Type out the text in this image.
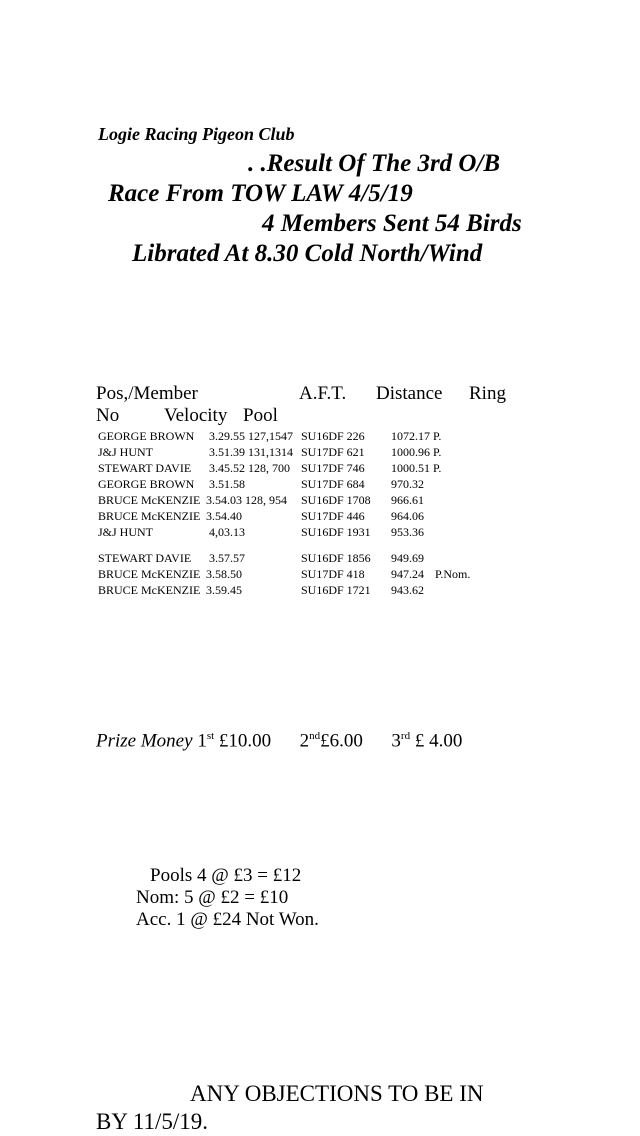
Logie Racing Pigeon Club
. .Result Of The 3rd O/B
Race From TOW LAW 4/5/19
4 Members Sent 54 Birds
Librated At 8.30 Cold North/Wind
Pos,/Member	A.F.T. Distance Ring
No Velocity Pool
GEORGE BROWN 3.29.55 127,1547 SU16DF 226 1072.17 P.
J&J HUNT	3.51.39 131,1314 SU17DF 621 1000.96 P.
STEWART DAVIE 3.45.52 128, 700 SU17DF 746 1000.51 P.
GEORGE BROWN 3.51.58	SU17DF 684 970.32
BRUCE McKENZIE 3.54.03 128, 954 SU16DF 1708 966.61
BRUCE McKENZIE 3.54.40	SU17DF 446 964.06
J&J HUNT	4,03.13	SU16DF 1931 953.36
STEWART DAVIE 3.57.57	SU16DF 1856 949.69
BRUCE McKENZIE 3.58.50	SU17DF 418 947.24 P.Nom.
BRUCE McKENZIE 3.59.45	SU16DF 1721 943.62
Prize Money 1st £10.00 2nd£6.00 3rd £ 4.00
Pools 4 @ £3 = £12
Nom: 5 @ £2 = £10
Acc. 1 @ £24 Not Won.
ANY OBJECTIONS TO BE IN
BY 11/5/19.
